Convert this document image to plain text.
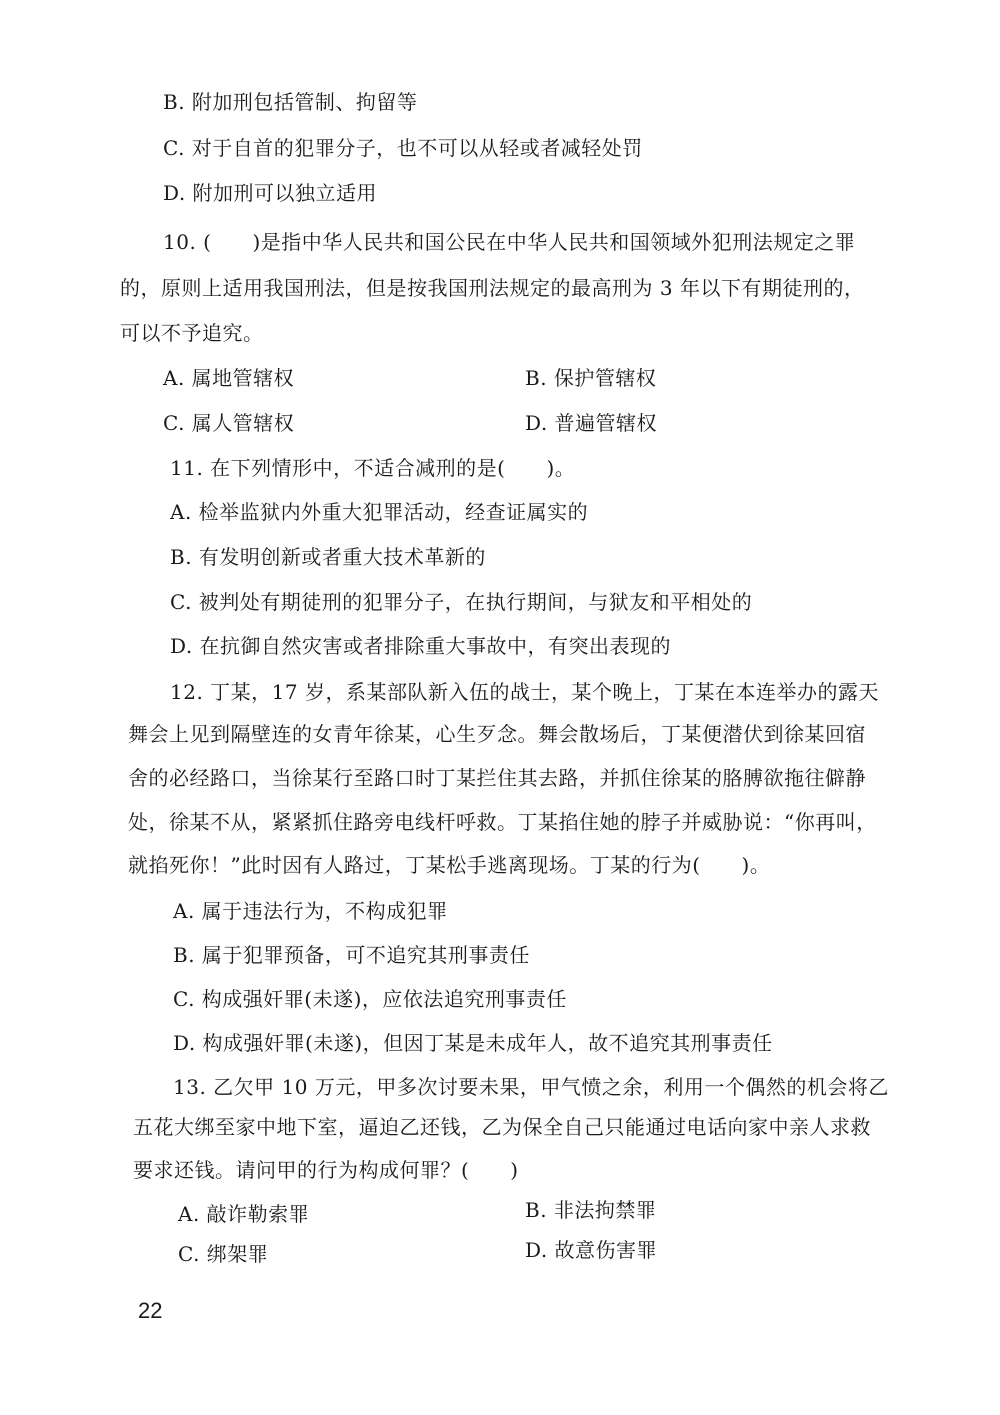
B. 附加刑包括管制、拘留等
C. 对于自首的犯罪分子，也不可以从轻或者减轻处罚
D. 附加刑可以独立适用
10. (　　)是指中华人民共和国公民在中华人民共和国领域外犯刑法规定之罪
的，原则上适用我国刑法，但是按我国刑法规定的最高刑为 3 年以下有期徒刑的，
可以不予追究。
A. 属地管辖权	B. 保护管辖权
C. 属人管辖权	D. 普遍管辖权
11. 在下列情形中，不适合减刑的是(　　)。
A. 检举监狱内外重大犯罪活动，经查证属实的
B. 有发明创新或者重大技术革新的
C. 被判处有期徒刑的犯罪分子，在执行期间，与狱友和平相处的
D. 在抗御自然灾害或者排除重大事故中，有突出表现的
12. 丁某，17 岁，系某部队新入伍的战士，某个晚上，丁某在本连举办的露天
舞会上见到隔壁连的女青年徐某，心生歹念。舞会散场后，丁某便潜伏到徐某回宿
舍的必经路口，当徐某行至路口时丁某拦住其去路，并抓住徐某的胳膊欲拖往僻静
处，徐某不从，紧紧抓住路旁电线杆呼救。丁某掐住她的脖子并威胁说：“你再叫，
就掐死你！”此时因有人路过，丁某松手逃离现场。丁某的行为(　　)。
A. 属于违法行为，不构成犯罪
B. 属于犯罪预备，可不追究其刑事责任
C. 构成强奸罪(未遂)，应依法追究刑事责任
D. 构成强奸罪(未遂)，但因丁某是未成年人，故不追究其刑事责任
13. 乙欠甲 10 万元，甲多次讨要未果，甲气愤之余，利用一个偶然的机会将乙
五花大绑至家中地下室，逼迫乙还钱，乙为保全自己只能通过电话向家中亲人求救
要求还钱。请问甲的行为构成何罪？(　　)
A. 敲诈勒索罪	B. 非法拘禁罪
C. 绑架罪	D. 故意伤害罪
22
